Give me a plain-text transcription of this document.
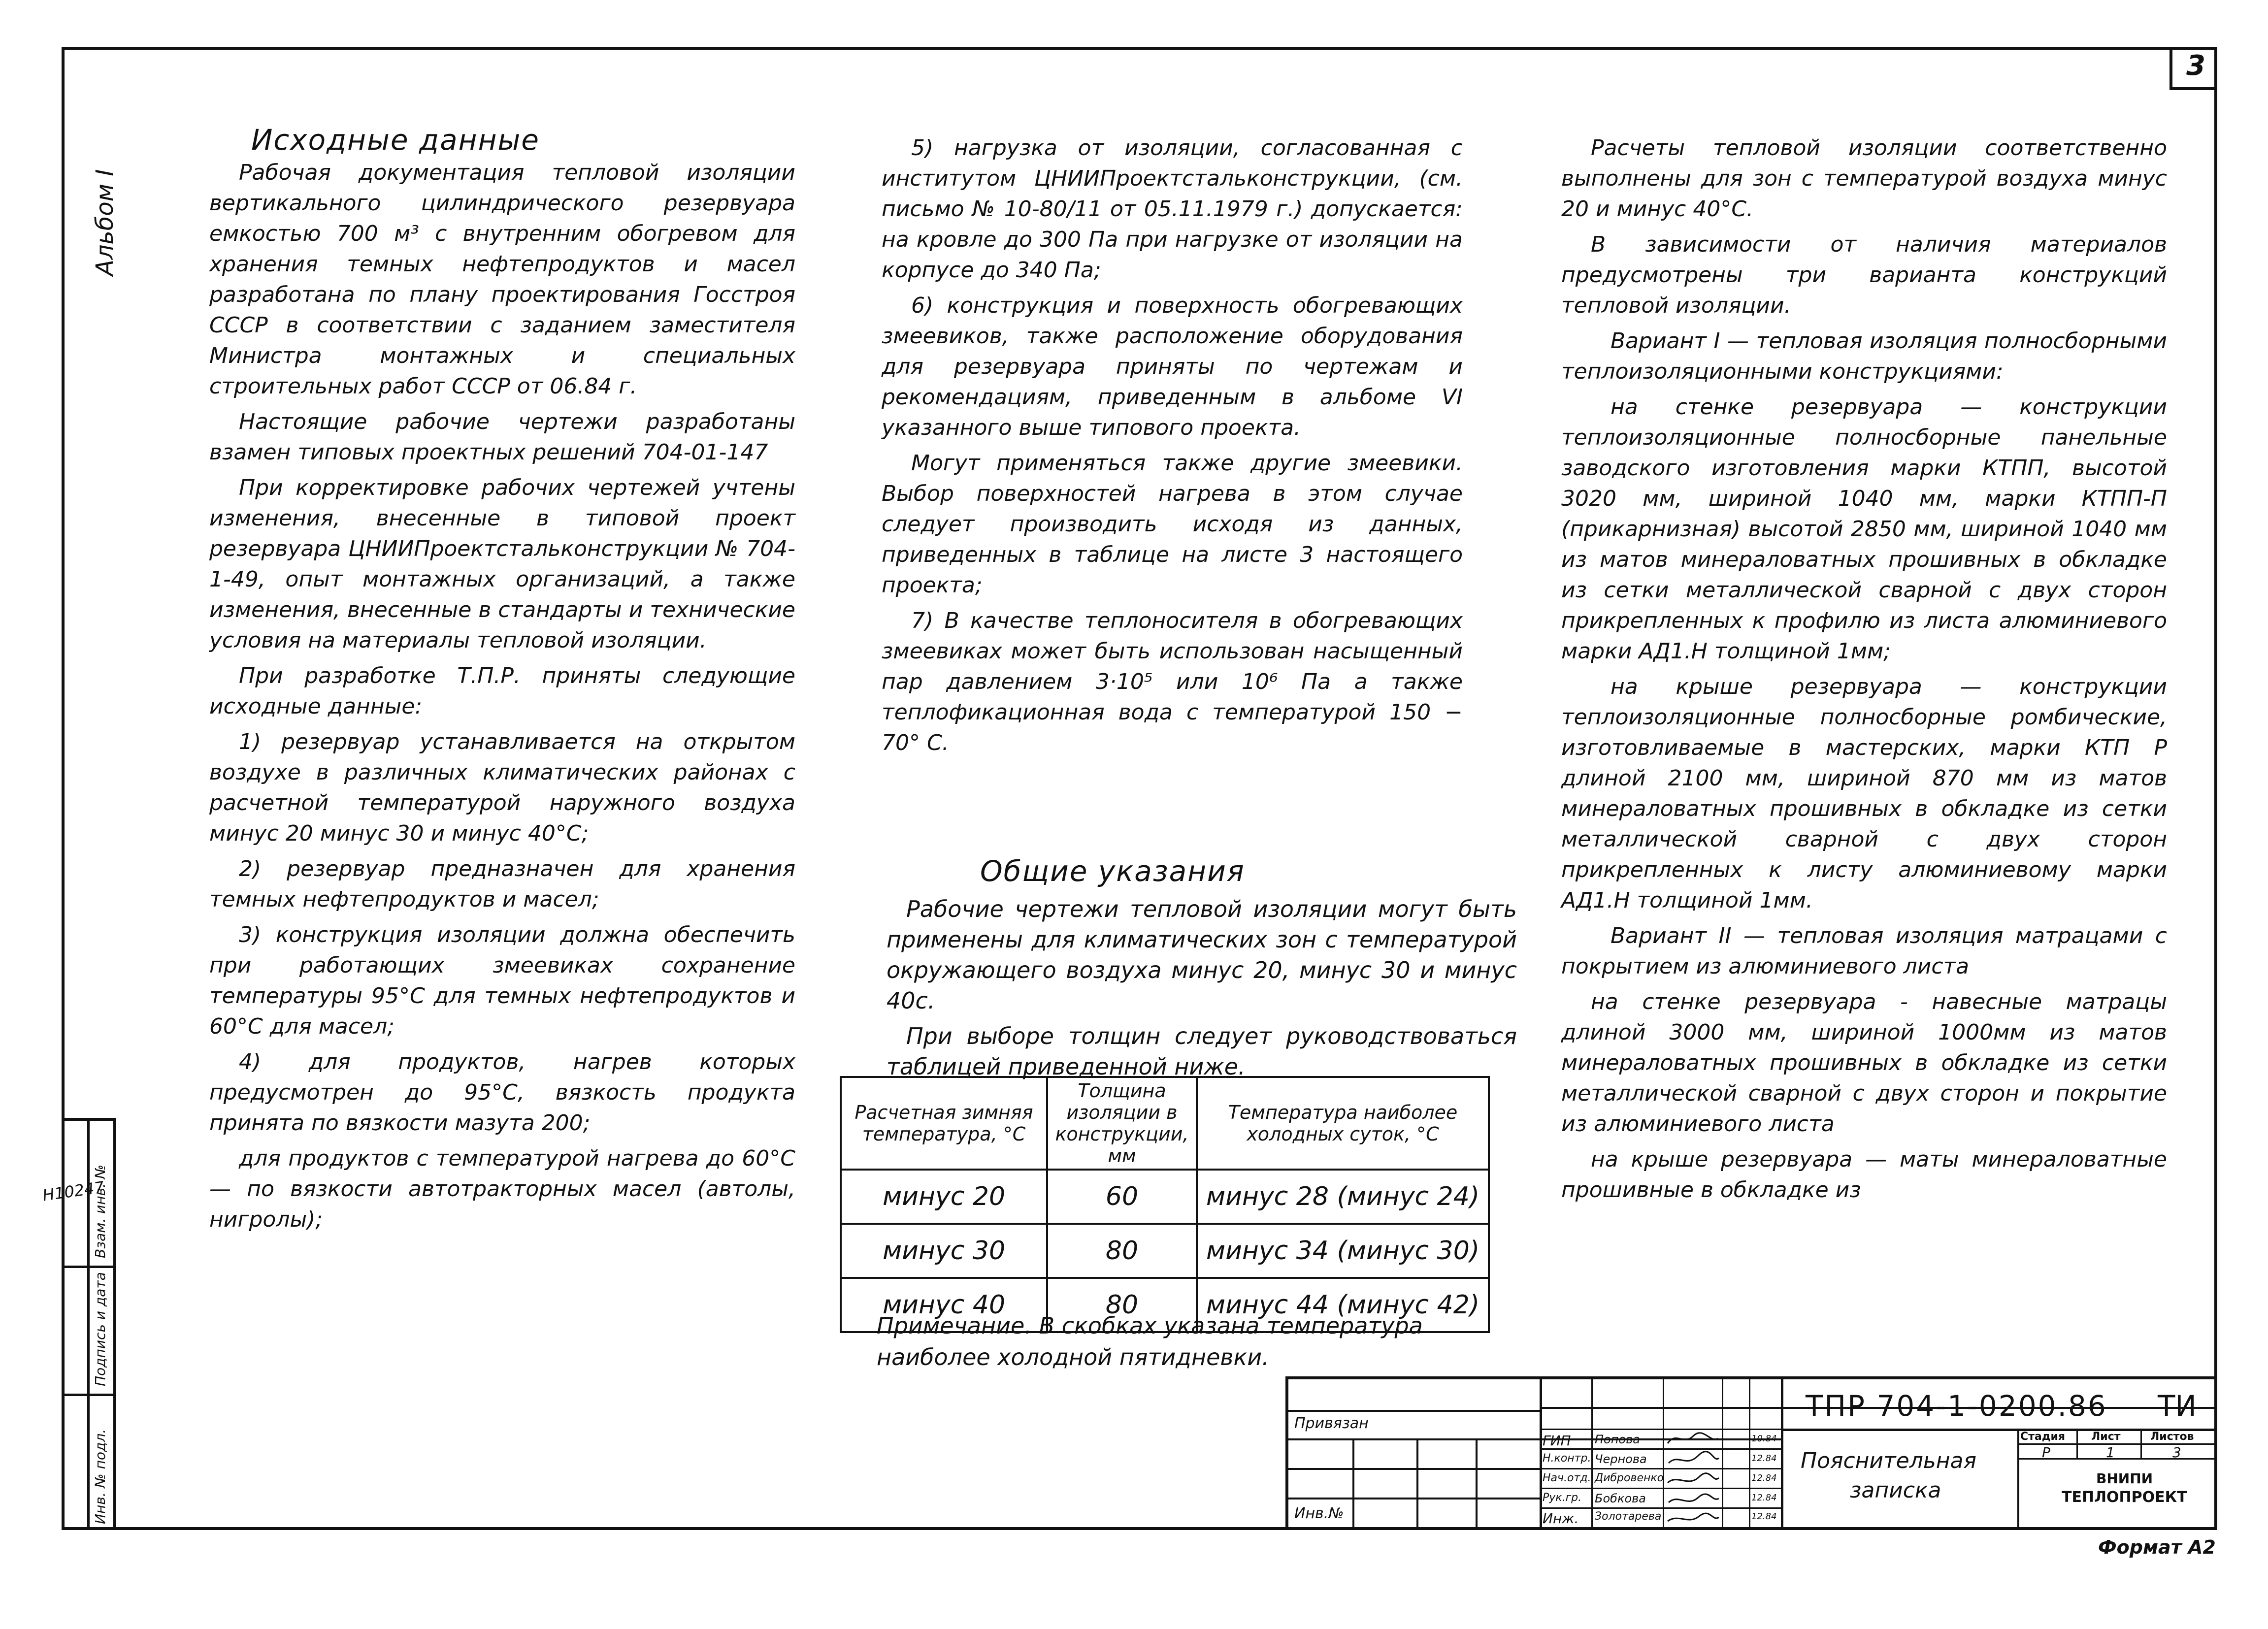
3
Взам. инв. №
Подпись и дата
Инв. № подл.
Альбом I
Н10247
Исходные данные

Рабочая документация тепловой изоляции вертикального цилиндрического резервуара емкостью 700 м³ с внутренним обогревом для хранения темных нефтепродуктов и масел разработана по плану проектирования Госстроя СССР в соответствии с заданием заместителя Министра монтажных и специальных строительных работ СССР от 06.84 г.

Настоящие рабочие чертежи разработаны взамен типовых проектных решений 704-01-147

При корректировке рабочих чертежей учтены изменения, внесенные в типовой проект резервуара ЦНИИПроектстальконструкции № 704-1-49, опыт монтажных организаций, а также изменения, внесенные в стандарты и технические условия на материалы тепловой изоляции.

При разработке Т.П.Р. приняты следующие исходные данные:

1) резервуар устанавливается на открытом воздухе в различных климатических районах с расчетной температурой наружного воздуха минус 20 минус 30 и минус 40°С;

2) резервуар предназначен для хранения темных нефтепродуктов и масел;

3) конструкция изоляции должна обеспечить при работающих змеевиках сохранение температуры 95°С для темных нефтепродуктов и 60°С для масел;

4) для продуктов, нагрев которых предусмотрен до 95°С, вязкость продукта принята по вязкости мазута 200;

для продуктов с температурой нагрева до 60°С — по вязкости автотракторных масел (автолы, нигролы);

5) нагрузка от изоляции, согласованная с институтом ЦНИИПроектстальконструкции, (см. письмо № 10-80/11 от 05.11.1979 г.) допускается: на кровле до 300 Па при нагрузке от изоляции на корпусе до 340 Па;

6) конструкция и поверхность обогревающих змеевиков, также расположение оборудования для резервуара приняты по чертежам и рекомендациям, приведенным в альбоме VI указанного выше типового проекта.

Могут применяться также другие змеевики. Выбор поверхностей нагрева в этом случае следует производить исходя из данных, приведенных в таблице на листе 3 настоящего проекта;

7) В качестве теплоносителя в обогревающих змеевиках может быть использован насыщенный пар давлением 3·10⁵ или 10⁶ Па а также теплофикационная вода с температурой 150 − 70° С.

Общие указания

Рабочие чертежи тепловой изоляции могут быть применены для климатических зон с температурой окружающего воздуха минус 20, минус 30 и минус 40с.

При выборе толщин следует руководствоваться таблицей приведенной ниже.

Расчетная зимняя температура, °С	Толщина изоляции в конструкции, мм	Температура наиболее холодных суток, °С
минус 20	60	минус 28 (минус 24)
минус 30	80	минус 34 (минус 30)
минус 40	80	минус 44 (минус 42)
Примечание. В скобках указана температура наиболее холодной пятидневки.

Расчеты тепловой изоляции соответственно выполнены для зон с температурой воздуха минус 20 и минус 40°С.

В зависимости от наличия материалов предусмотрены три варианта конструкций тепловой изоляции.

Вариант I — тепловая изоляция полносборными теплоизоляционными конструкциями:

на стенке резервуара — конструкции теплоизоляционные полносборные панельные заводского изготовления марки КТПП, высотой 3020 мм, шириной 1040 мм, марки КТПП-П (прикарнизная) высотой 2850 мм, шириной 1040 мм из матов минераловатных прошивных в обкладке из сетки металлической сварной с двух сторон прикрепленных к профилю из листа алюминиевого марки АД1.Н толщиной 1мм;

на крыше резервуара — конструкции теплоизоляционные полносборные ромбические, изготовливаемые в мастерских, марки КТП Р длиной 2100 мм, шириной 870 мм из матов минераловатных прошивных в обкладке из сетки металлической сварной с двух сторон прикрепленных к листу алюминиевому марки АД1.Н толщиной 1мм.

Вариант II — тепловая изоляция матрацами с покрытием из алюминиевого листа

на стенке резервуара - навесные матрацы длиной 3000 мм, шириной 1000мм из матов минераловатных прошивных в обкладке из сетки металлической сварной с двух сторон и покрытие из алюминиевого листа

на крыше резервуара — маты минераловатные прошивные в обкладке из

Привязан
Инв.№
ГИП
Н.контр.
Нач.отд.
Рук.гр.
Инж.
Попова
Чернова
Дибровенко
Бобкова
Золотарева
10.84
12.84
12.84
12.84
12.84
ТПР 704-1-0200.86 ТИ
Пояснительная
записка
Стадия Лист	Листов
Р	1	3
ВНИПИ
ТЕПЛОПРОЕКТ
Формат А2
